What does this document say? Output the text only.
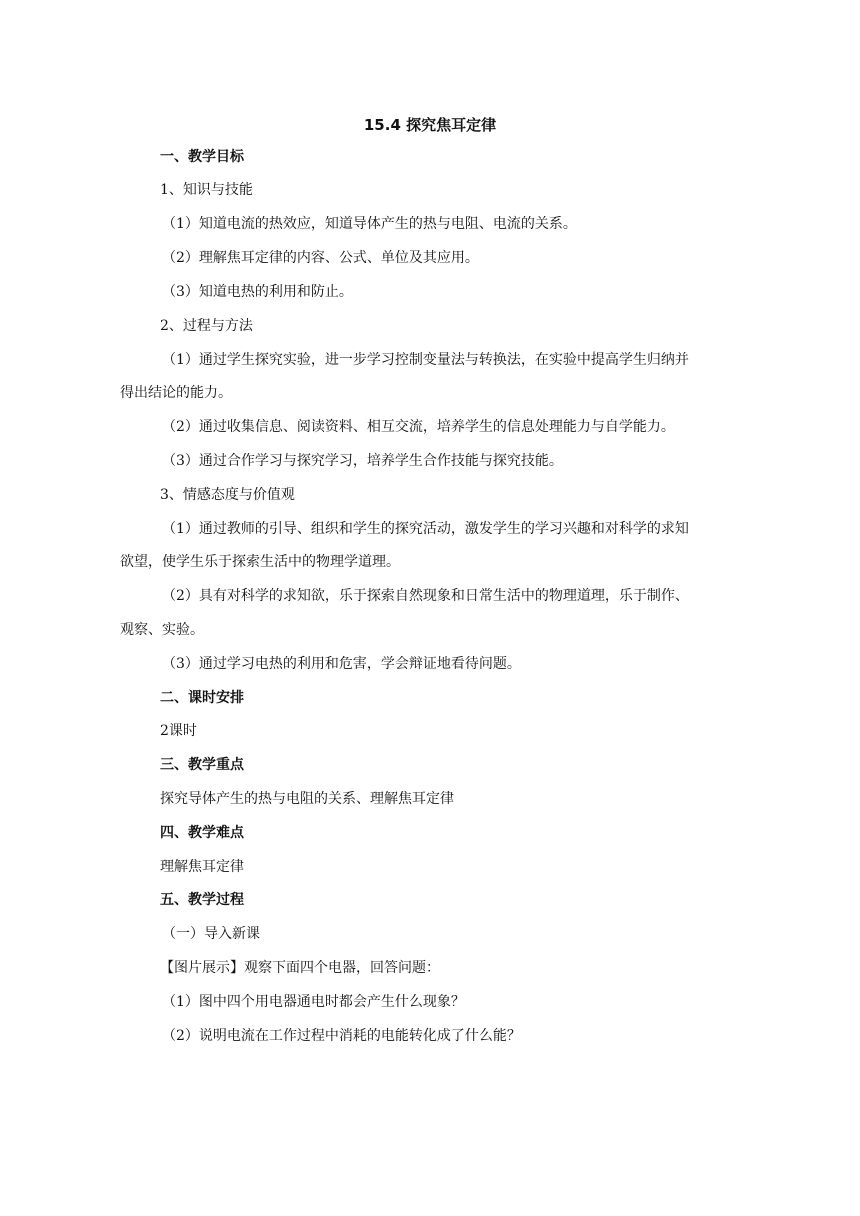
15.4 探究焦耳定律
一、教学目标
1、知识与技能
（1）知道电流的热效应，知道导体产生的热与电阻、电流的关系。
（2）理解焦耳定律的内容、公式、单位及其应用。
（3）知道电热的利用和防止。
2、过程与方法
（1）通过学生探究实验，进一步学习控制变量法与转换法，在实验中提高学生归纳并
得出结论的能力。
（2）通过收集信息、阅读资料、相互交流，培养学生的信息处理能力与自学能力。
（3）通过合作学习与探究学习，培养学生合作技能与探究技能。
3、情感态度与价值观
（1）通过教师的引导、组织和学生的探究活动，激发学生的学习兴趣和对科学的求知
欲望，使学生乐于探索生活中的物理学道理。
（2）具有对科学的求知欲，乐于探索自然现象和日常生活中的物理道理，乐于制作、
观察、实验。
（3）通过学习电热的利用和危害，学会辩证地看待问题。
二、课时安排
2课时
三、教学重点
探究导体产生的热与电阻的关系、理解焦耳定律
四、教学难点
理解焦耳定律
五、教学过程
（一）导入新课
【图片展示】观察下面四个电器，回答问题：
（1）图中四个用电器通电时都会产生什么现象？
（2）说明电流在工作过程中消耗的电能转化成了什么能？
